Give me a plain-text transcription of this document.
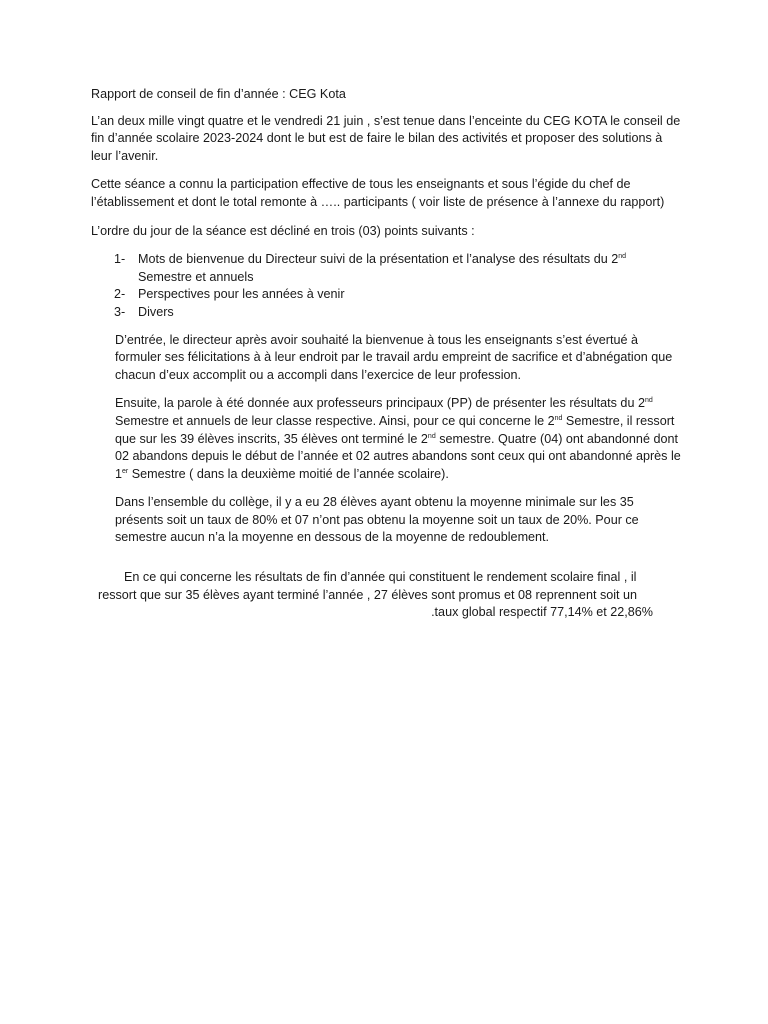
Rapport de conseil de fin d’année : CEG Kota

L’an deux mille vingt quatre et le vendredi 21 juin , s’est tenue dans l’enceinte du CEG KOTA le conseil de fin d’année scolaire 2023-2024 dont le but est de faire le bilan des activités et proposer des solutions à leur l’avenir.

Cette séance a connu la participation effective de tous les enseignants et sous l’égide du chef de l’établissement et dont le total remonte à ….. participants ( voir liste de présence à l’annexe du rapport)

L’ordre du jour de la séance est décliné en trois (03) points suivants :

1- Mots de bienvenue du Directeur suivi de la présentation et l’analyse des résultats du 2nd Semestre et annuels
2- Perspectives pour les années à venir
3- Divers

D’entrée, le directeur après avoir souhaité la bienvenue à tous les enseignants s’est évertué à formuler ses félicitations à à leur endroit par le travail ardu empreint de sacrifice et d’abnégation que chacun d’eux accomplit ou a accompli dans l’exercice de leur profession.

Ensuite, la parole à été donnée aux professeurs principaux (PP) de présenter les résultats du 2nd Semestre et annuels de leur classe respective. Ainsi, pour ce qui concerne le 2nd Semestre, il ressort que sur les 39 élèves inscrits, 35 élèves ont terminé le 2nd semestre. Quatre (04) ont abandonné dont 02 abandons depuis le début de l’année et 02 autres abandons sont ceux qui ont abandonné après le 1er Semestre ( dans la deuxième moitié de l’année scolaire).

Dans l’ensemble du collège, il y a eu 28 élèves ayant obtenu la moyenne minimale sur les 35 présents soit un taux de 80% et 07 n’ont pas obtenu la moyenne soit un taux de 20%. Pour ce semestre aucun n’a la moyenne en dessous de la moyenne de redoublement.

En ce qui concerne les résultats de fin d’année qui constituent le rendement scolaire final , il
ressort que sur 35 élèves ayant terminé l’année , 27 élèves sont promus et 08 reprennent soit un
.taux global respectif 77,14% et 22,86%
